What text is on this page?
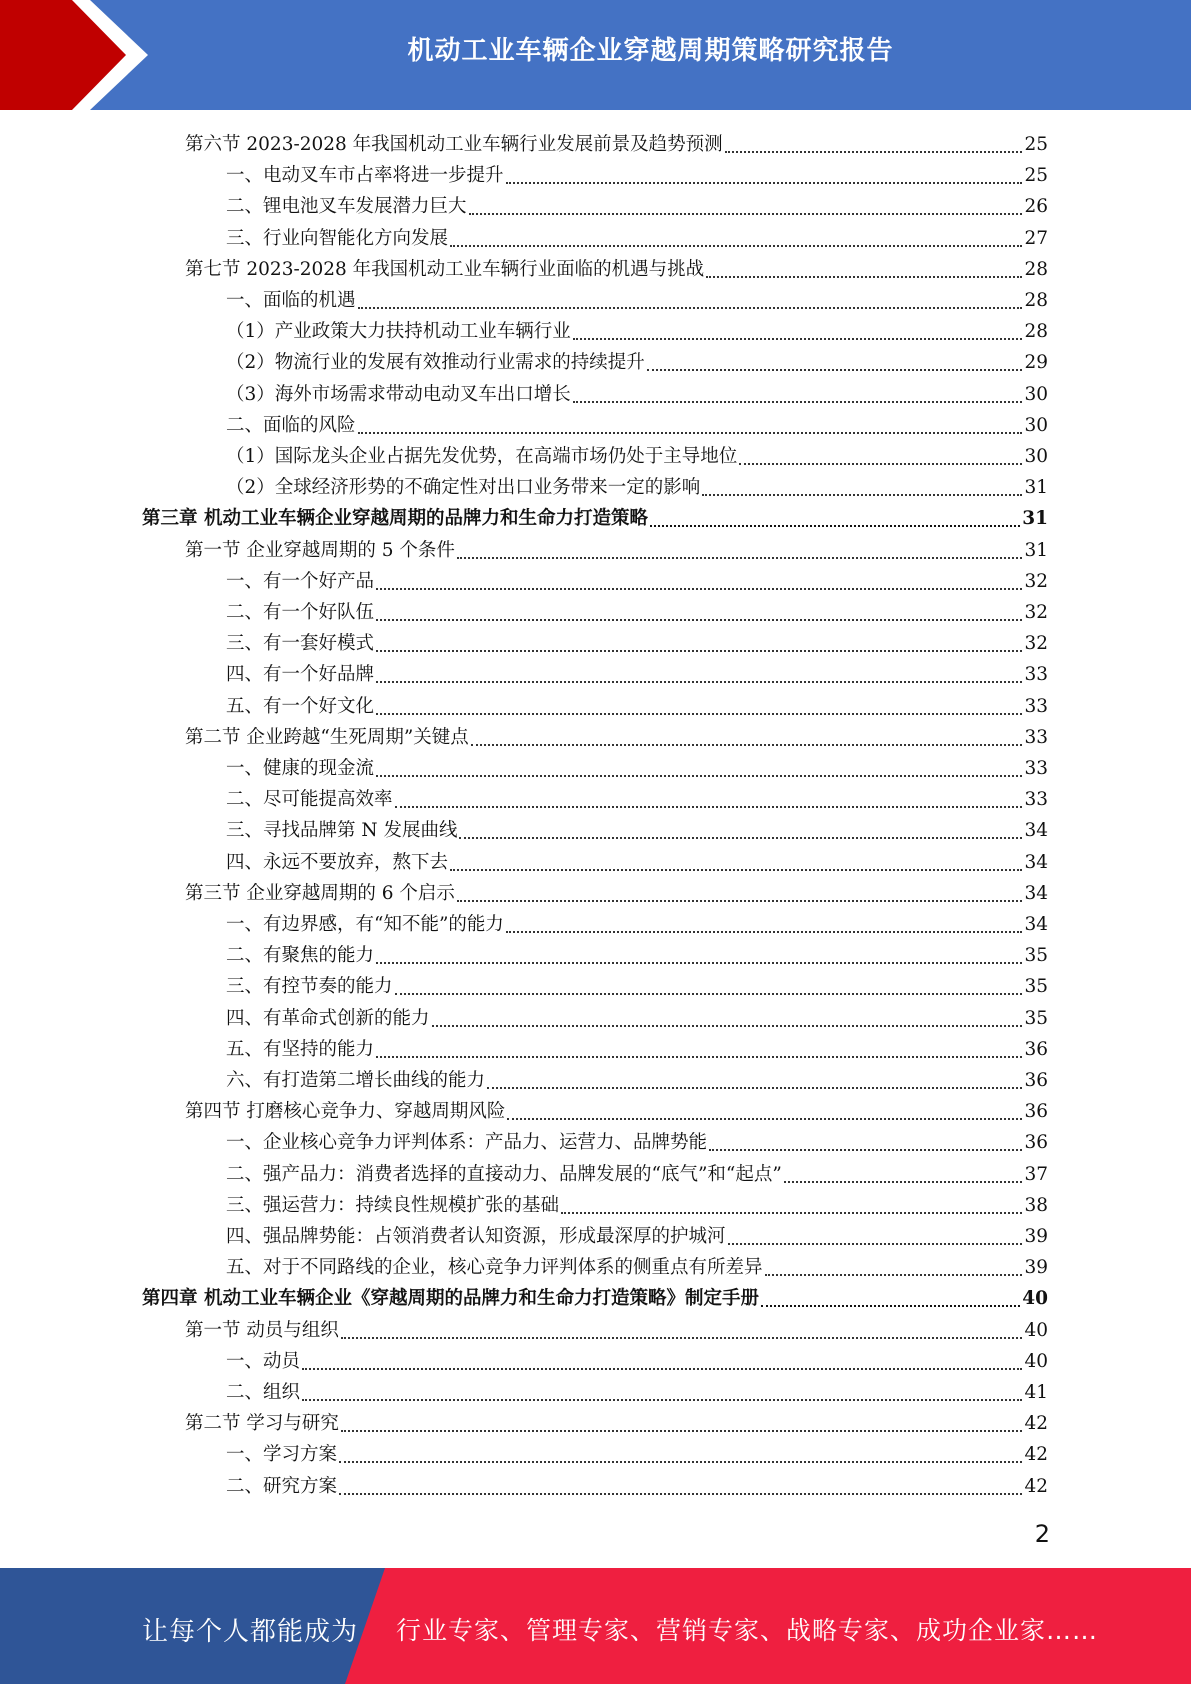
机动工业车辆企业穿越周期策略研究报告
第六节 2023-2028 年我国机动工业车辆行业发展前景及趋势预测	25
一、电动叉车市占率将进一步提升	25
二、锂电池叉车发展潜力巨大	26
三、行业向智能化方向发展	27
第七节 2023-2028 年我国机动工业车辆行业面临的机遇与挑战	28
一、面临的机遇	28
（1）产业政策大力扶持机动工业车辆行业	28
（2）物流行业的发展有效推动行业需求的持续提升	29
（3）海外市场需求带动电动叉车出口增长	30
二、面临的风险	30
（1）国际龙头企业占据先发优势，在高端市场仍处于主导地位	30
（2）全球经济形势的不确定性对出口业务带来一定的影响	31
第三章 机动工业车辆企业穿越周期的品牌力和生命力打造策略	31
第一节 企业穿越周期的 5 个条件	31
一、有一个好产品	32
二、有一个好队伍	32
三、有一套好模式	32
四、有一个好品牌	33
五、有一个好文化	33
第二节 企业跨越“生死周期”关键点	33
一、健康的现金流	33
二、尽可能提高效率	33
三、寻找品牌第 N 发展曲线	34
四、永远不要放弃，熬下去	34
第三节 企业穿越周期的 6 个启示	34
一、有边界感，有“知不能”的能力	34
二、有聚焦的能力	35
三、有控节奏的能力	35
四、有革命式创新的能力	35
五、有坚持的能力	36
六、有打造第二增长曲线的能力	36
第四节 打磨核心竞争力、穿越周期风险	36
一、企业核心竞争力评判体系：产品力、运营力、品牌势能	36
二、强产品力：消费者选择的直接动力、品牌发展的“底气”和“起点”	37
三、强运营力：持续良性规模扩张的基础	38
四、强品牌势能：占领消费者认知资源，形成最深厚的护城河	39
五、对于不同路线的企业，核心竞争力评判体系的侧重点有所差异	39
第四章 机动工业车辆企业《穿越周期的品牌力和生命力打造策略》制定手册	40
第一节 动员与组织	40
一、动员	40
二、组织	41
第二节 学习与研究	42
一、学习方案	42
二、研究方案	42
2
让每个人都能成为 行业专家、管理专家、营销专家、战略专家、成功企业家……
